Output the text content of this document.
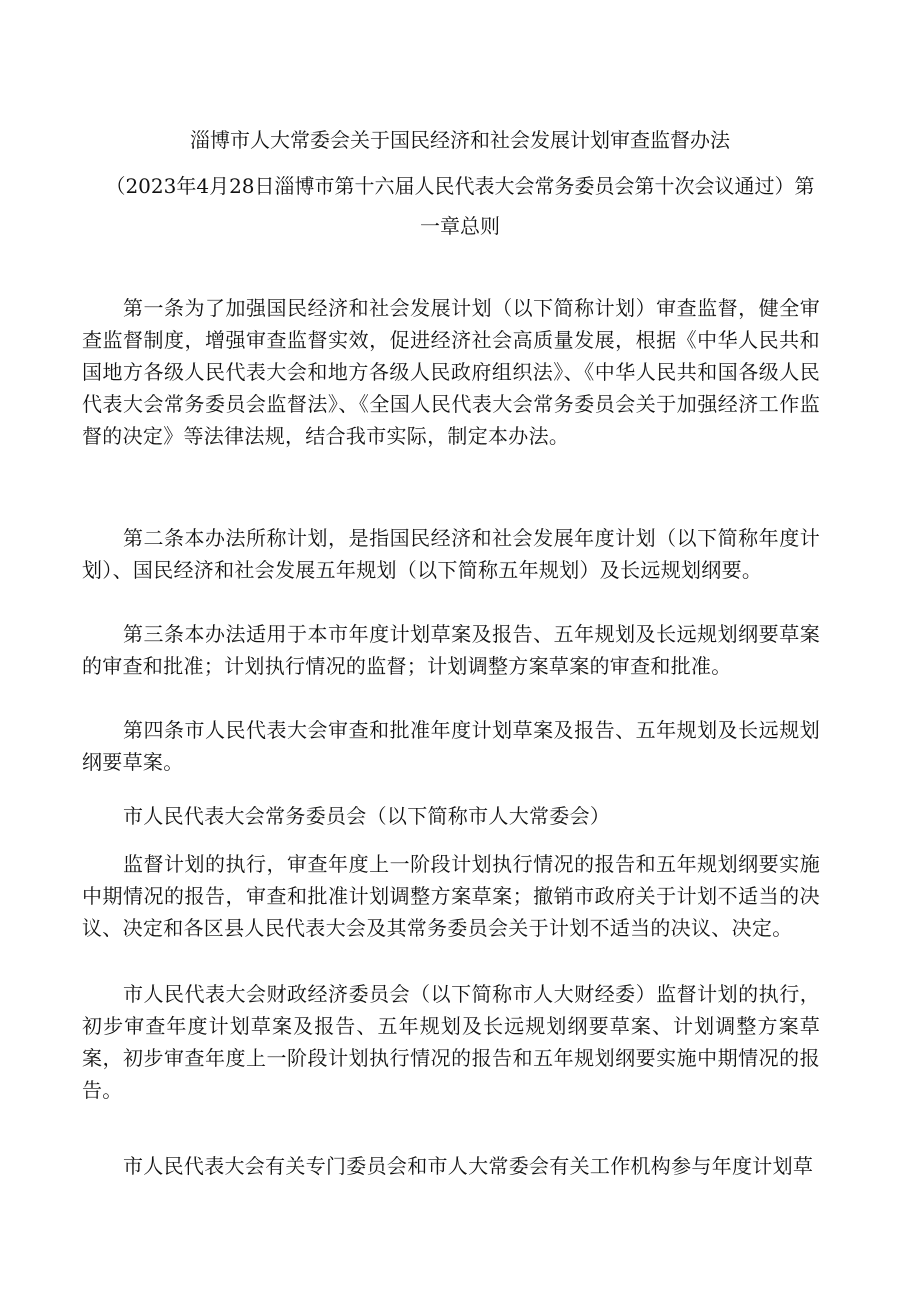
淄博市人大常委会关于国民经济和社会发展计划审查监督办法
（2023年4月28日淄博市第十六届人民代表大会常务委员会第十次会议通过）第
一章总则
第一条为了加强国民经济和社会发展计划（以下简称计划）审查监督，健全审查监督制度，增强审查监督实效，促进经济社会高质量发展，根据《中华人民共和国地方各级人民代表大会和地方各级人民政府组织法》、《中华人民共和国各级人民代表大会常务委员会监督法》、《全国人民代表大会常务委员会关于加强经济工作监督的决定》等法律法规，结合我市实际，制定本办法。
第二条本办法所称计划，是指国民经济和社会发展年度计划（以下简称年度计划）、国民经济和社会发展五年规划（以下简称五年规划）及长远规划纲要。
第三条本办法适用于本市年度计划草案及报告、五年规划及长远规划纲要草案的审查和批准；计划执行情况的监督；计划调整方案草案的审查和批准。
第四条市人民代表大会审查和批准年度计划草案及报告、五年规划及长远规划纲要草案。
市人民代表大会常务委员会（以下简称市人大常委会）
监督计划的执行，审查年度上一阶段计划执行情况的报告和五年规划纲要实施中期情况的报告，审查和批准计划调整方案草案；撤销市政府关于计划不适当的决议、决定和各区县人民代表大会及其常务委员会关于计划不适当的决议、决定。
市人民代表大会财政经济委员会（以下简称市人大财经委）监督计划的执行，初步审查年度计划草案及报告、五年规划及长远规划纲要草案、计划调整方案草案，初步审查年度上一阶段计划执行情况的报告和五年规划纲要实施中期情况的报告。
市人民代表大会有关专门委员会和市人大常委会有关工作机构参与年度计划草
